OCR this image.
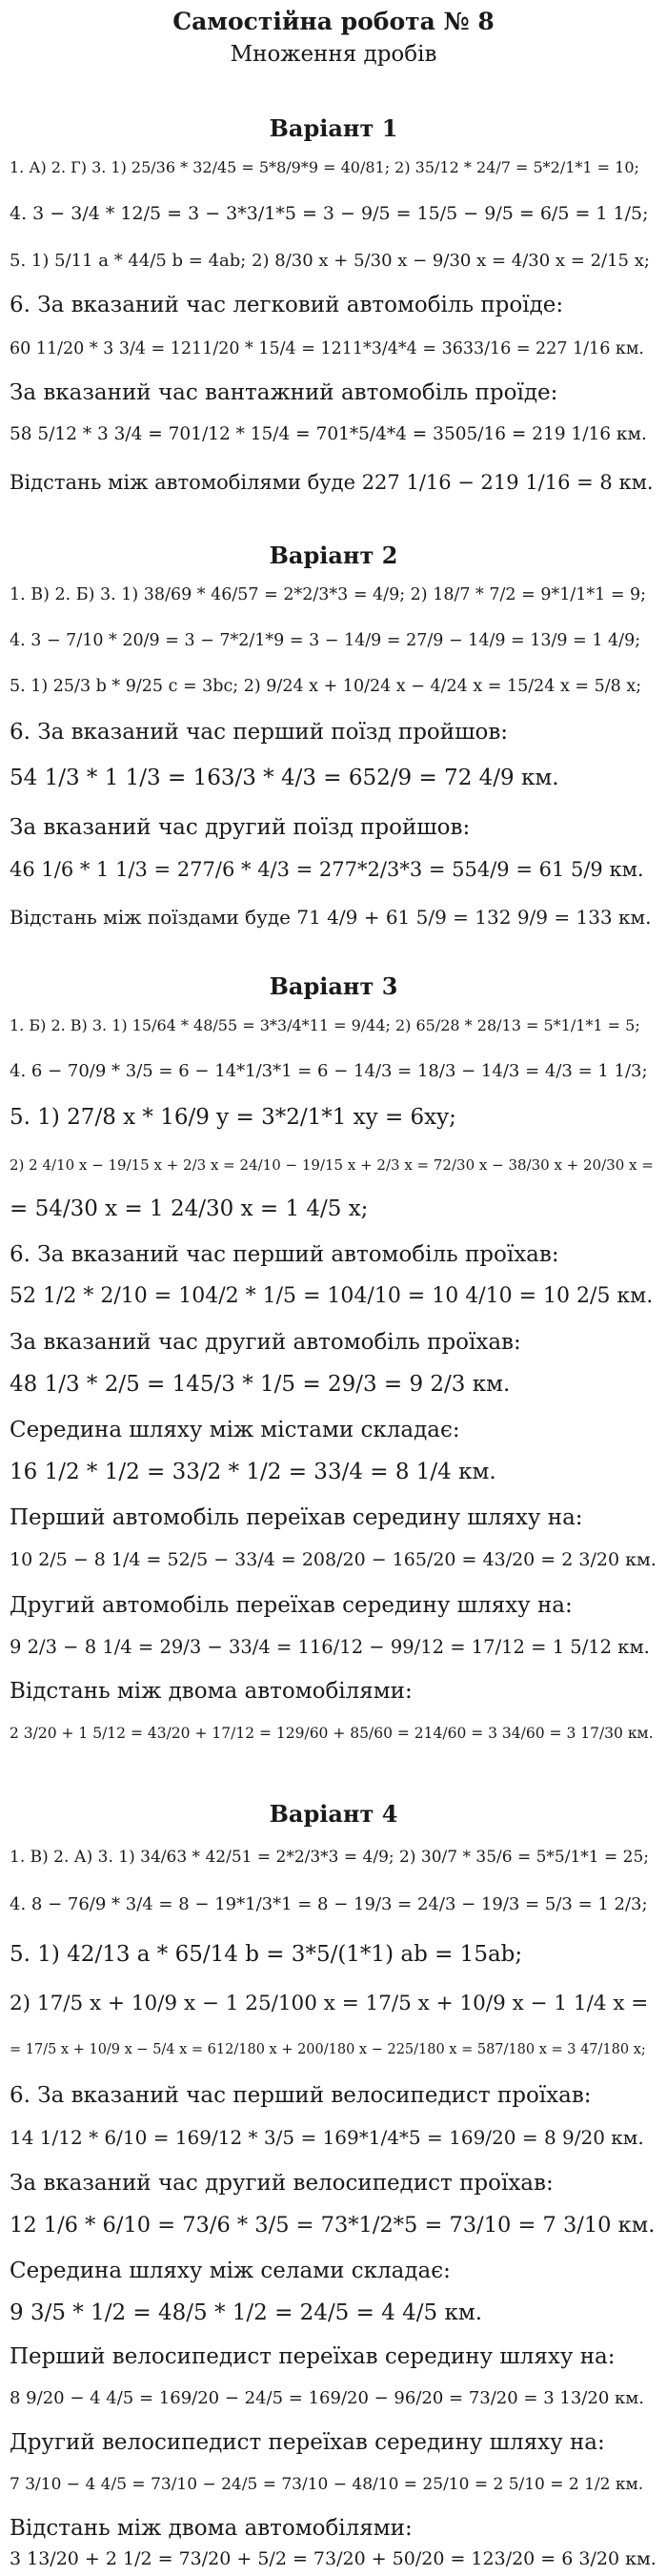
Самостійна робота № 8
Множення дробів
Варіант 1
1. А) 2. Г) 3. 1) 25/36 * 32/45 = 5*8/9*9 = 40/81; 2) 35/12 * 24/7 = 5*2/1*1 = 10;
4. 3 − 3/4 * 12/5 = 3 − 3*3/1*5 = 3 − 9/5 = 15/5 − 9/5 = 6/5 = 1 1/5;
5. 1) 5/11 a * 44/5 b = 4ab; 2) 8/30 x + 5/30 x − 9/30 x = 4/30 x = 2/15 x;
6. За вказаний час легковий автомобіль проїде:
60 11/20 * 3 3/4 = 1211/20 * 15/4 = 1211*3/4*4 = 3633/16 = 227 1/16 км.
За вказаний час вантажний автомобіль проїде:
58 5/12 * 3 3/4 = 701/12 * 15/4 = 701*5/4*4 = 3505/16 = 219 1/16 км.
Відстань між автомобілями буде 227 1/16 − 219 1/16 = 8 км.
Варіант 2
1. В) 2. Б) 3. 1) 38/69 * 46/57 = 2*2/3*3 = 4/9; 2) 18/7 * 7/2 = 9*1/1*1 = 9;
4. 3 − 7/10 * 20/9 = 3 − 7*2/1*9 = 3 − 14/9 = 27/9 − 14/9 = 13/9 = 1 4/9;
5. 1) 25/3 b * 9/25 c = 3bc; 2) 9/24 x + 10/24 x − 4/24 x = 15/24 x = 5/8 x;
6. За вказаний час перший поїзд пройшов:
54 1/3 * 1 1/3 = 163/3 * 4/3 = 652/9 = 72 4/9 км.
За вказаний час другий поїзд пройшов:
46 1/6 * 1 1/3 = 277/6 * 4/3 = 277*2/3*3 = 554/9 = 61 5/9 км.
Відстань між поїздами буде 71 4/9 + 61 5/9 = 132 9/9 = 133 км.
Варіант 3
1. Б) 2. В) 3. 1) 15/64 * 48/55 = 3*3/4*11 = 9/44; 2) 65/28 * 28/13 = 5*1/1*1 = 5;
4. 6 − 70/9 * 3/5 = 6 − 14*1/3*1 = 6 − 14/3 = 18/3 − 14/3 = 4/3 = 1 1/3;
5. 1) 27/8 x * 16/9 y = 3*2/1*1 xy = 6xy;
2) 2 4/10 x − 19/15 x + 2/3 x = 24/10 − 19/15 x + 2/3 x = 72/30 x − 38/30 x + 20/30 x =
= 54/30 x = 1 24/30 x = 1 4/5 x;
6. За вказаний час перший автомобіль проїхав:
52 1/2 * 2/10 = 104/2 * 1/5 = 104/10 = 10 4/10 = 10 2/5 км.
За вказаний час другий автомобіль проїхав:
48 1/3 * 2/5 = 145/3 * 1/5 = 29/3 = 9 2/3 км.
Середина шляху між містами складає:
16 1/2 * 1/2 = 33/2 * 1/2 = 33/4 = 8 1/4 км.
Перший автомобіль переїхав середину шляху на:
10 2/5 − 8 1/4 = 52/5 − 33/4 = 208/20 − 165/20 = 43/20 = 2 3/20 км.
Другий автомобіль переїхав середину шляху на:
9 2/3 − 8 1/4 = 29/3 − 33/4 = 116/12 − 99/12 = 17/12 = 1 5/12 км.
Відстань між двома автомобілями:
2 3/20 + 1 5/12 = 43/20 + 17/12 = 129/60 + 85/60 = 214/60 = 3 34/60 = 3 17/30 км.
Варіант 4
1. В) 2. А) 3. 1) 34/63 * 42/51 = 2*2/3*3 = 4/9; 2) 30/7 * 35/6 = 5*5/1*1 = 25;
4. 8 − 76/9 * 3/4 = 8 − 19*1/3*1 = 8 − 19/3 = 24/3 − 19/3 = 5/3 = 1 2/3;
5. 1) 42/13 a * 65/14 b = 3*5/(1*1) ab = 15ab;
2) 17/5 x + 10/9 x − 1 25/100 x = 17/5 x + 10/9 x − 1 1/4 x =
= 17/5 x + 10/9 x − 5/4 x = 612/180 x + 200/180 x − 225/180 x = 587/180 x = 3 47/180 x;
6. За вказаний час перший велосипедист проїхав:
14 1/12 * 6/10 = 169/12 * 3/5 = 169*1/4*5 = 169/20 = 8 9/20 км.
За вказаний час другий велосипедист проїхав:
12 1/6 * 6/10 = 73/6 * 3/5 = 73*1/2*5 = 73/10 = 7 3/10 км.
Середина шляху між селами складає:
9 3/5 * 1/2 = 48/5 * 1/2 = 24/5 = 4 4/5 км.
Перший велосипедист переїхав середину шляху на:
8 9/20 − 4 4/5 = 169/20 − 24/5 = 169/20 − 96/20 = 73/20 = 3 13/20 км.
Другий велосипедист переїхав середину шляху на:
7 3/10 − 4 4/5 = 73/10 − 24/5 = 73/10 − 48/10 = 25/10 = 2 5/10 = 2 1/2 км.
Відстань між двома автомобілями:
3 13/20 + 2 1/2 = 73/20 + 5/2 = 73/20 + 50/20 = 123/20 = 6 3/20 км.
